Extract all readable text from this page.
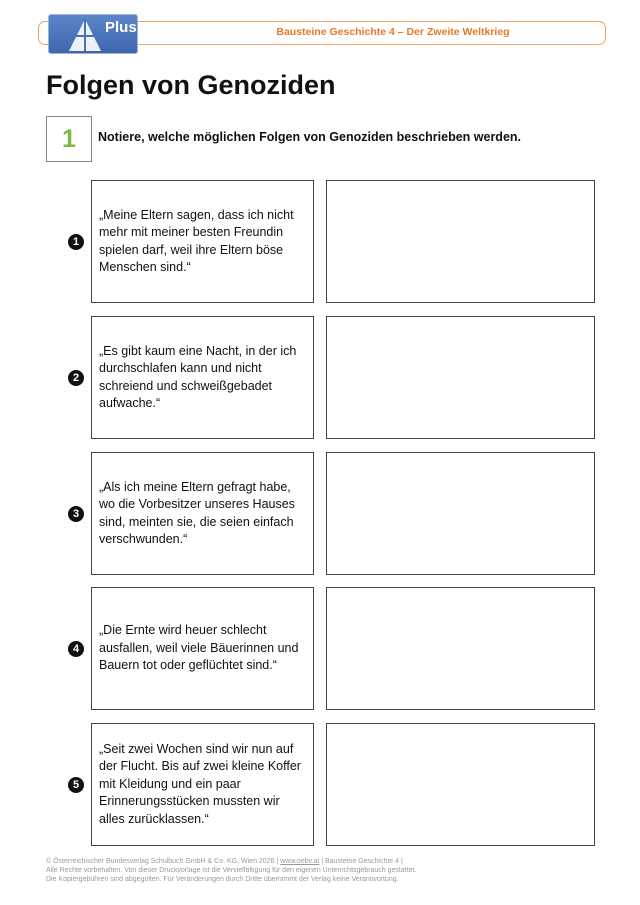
Bausteine Geschichte 4 – Der Zweite Weltkrieg
Plus
Folgen von Genoziden
1 Notiere, welche möglichen Folgen von Genoziden beschrieben werden.
1

„Meine Eltern sagen, dass ich nicht mehr mit meiner besten Freundin spielen darf, weil ihre Eltern böse Menschen sind.“

2

„Es gibt kaum eine Nacht, in der ich durchschlafen kann und nicht schreiend und schweißgebadet aufwache.“

3

„Als ich meine Eltern gefragt habe, wo die Vorbesitzer unseres Hauses sind, meinten sie, die seien einfach verschwunden.“

4

„Die Ernte wird heuer schlecht ausfallen, weil viele Bäuerinnen und Bauern tot oder geflüchtet sind.“

5

„Seit zwei Wochen sind wir nun auf der Flucht. Bis auf zwei kleine Koffer mit Kleidung und ein paar Erinnerungsstücken mussten wir alles zurücklassen.“

© Österreichischer Bundesverlag Schulbuch GmbH & Co. KG, Wien 2026 | www.oebv.at | Bausteine Geschichte 4 |
Alle Rechte vorbehalten. Von dieser Druckvorlage ist die Vervielfältigung für den eigenen Unterrichtsgebrauch gestattet.
Die Kopiergebühren sind abgegolten. Für Veränderungen durch Dritte übernimmt der Verlag keine Verantwortung.
